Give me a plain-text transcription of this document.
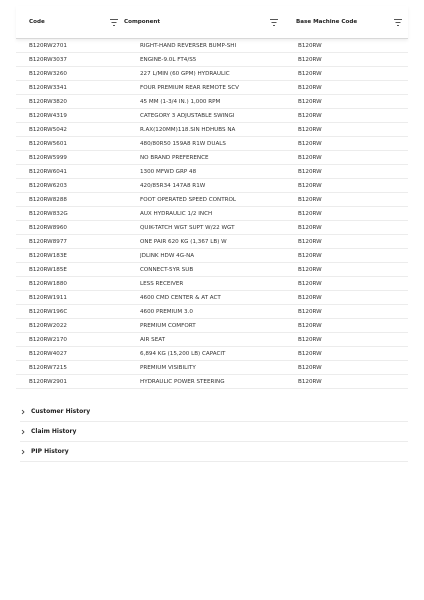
Code	Component	Base Machine Code
B120RW2701	RIGHT-HAND REVERSER BUMP-SHI	B120RW
B120RW3037	ENGINE-9.0L FT4/S5	B120RW
B120RW3260	227 L/MIN (60 GPM) HYDRAULIC	B120RW
B120RW3341	FOUR PREMIUM REAR REMOTE SCV	B120RW
B120RW3820	45 MM (1-3/4 IN.) 1,000 RPM	B120RW
B120RW4319	CATEGORY 3 ADJUSTABLE SWINGI	B120RW
B120RW5042	R.AX(120MM)118.SIN HDHUBS NA	B120RW
B120RW5601	480/80R50 159A8 R1W DUALS	B120RW
B120RW5999	NO BRAND PREFERENCE	B120RW
B120RW6041	1300 MFWD GRP 48	B120RW
B120RW6203	420/85R34 147A8 R1W	B120RW
B120RW8288	FOOT OPERATED SPEED CONTROL	B120RW
B120RW832G	AUX HYDRAULIC 1/2 INCH	B120RW
B120RW8960	QUIK-TATCH WGT SUPT W/22 WGT	B120RW
B120RW8977	ONE PAIR 620 KG (1,367 LB) W	B120RW
B120RW183E	JDLINK HDW 4G-NA	B120RW
B120RW185E	CONNECT-5YR SUB	B120RW
B120RW1880	LESS RECEIVER	B120RW
B120RW1911	4600 CMD CENTER & AT ACT	B120RW
B120RW196C	4600 PREMIUM 3.0	B120RW
B120RW2022	PREMIUM COMFORT	B120RW
B120RW2170	AIR SEAT	B120RW
B120RW4027	6,894 KG (15,200 LB) CAPACIT	B120RW
B120RW7215	PREMIUM VISIBILITY	B120RW
B120RW2901	HYDRAULIC POWER STEERING	B120RW
Customer History
Claim History
PIP History
